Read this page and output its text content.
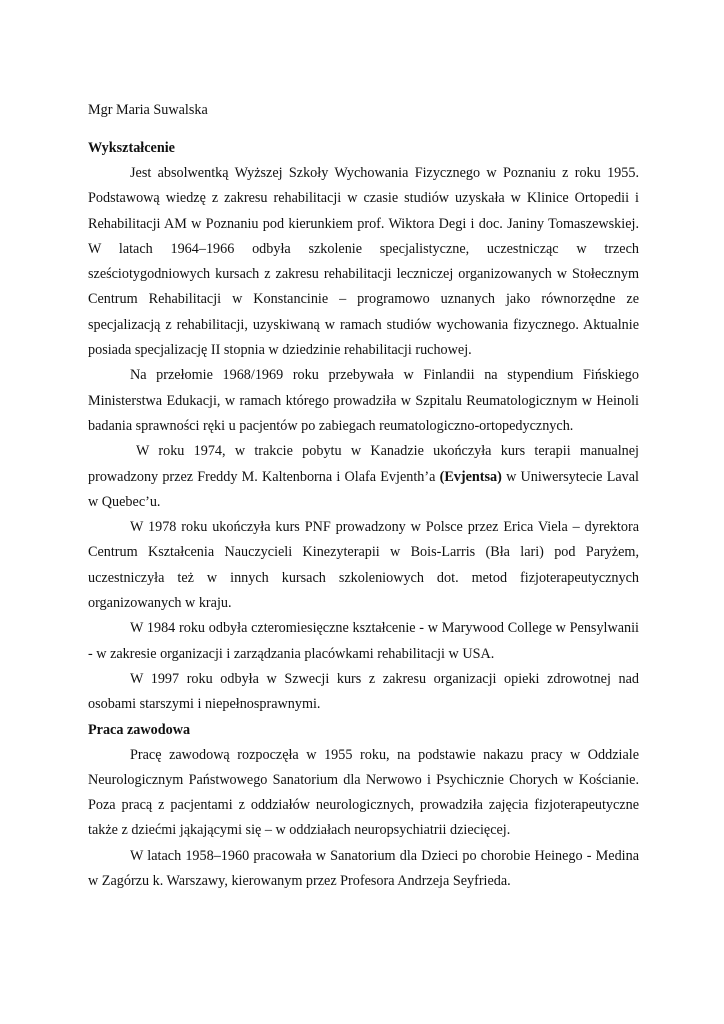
Mgr Maria Suwalska

Wykształcenie

Jest absolwentką Wyższej Szkoły Wychowania Fizycznego w Poznaniu z roku 1955. Podstawową wiedzę z zakresu rehabilitacji w czasie studiów uzyskała w Klinice Ortopedii i Rehabilitacji AM w Poznaniu pod kierunkiem prof. Wiktora Degi i doc. Janiny Tomaszewskiej. W latach 1964–1966 odbyła szkolenie specjalistyczne, uczestnicząc w trzech sześciotygodniowych kursach z zakresu rehabilitacji leczniczej organizowanych w Stołecznym Centrum Rehabilitacji w Konstancinie – programowo uznanych jako równorzędne ze specjalizacją z rehabilitacji, uzyskiwaną w ramach studiów wychowania fizycznego. Aktualnie posiada specjalizację II stopnia w dziedzinie rehabilitacji ruchowej.

Na przełomie 1968/1969 roku przebywała w Finlandii na stypendium Fińskiego Ministerstwa Edukacji, w ramach którego prowadziła w Szpitalu Reumatologicznym w Heinoli badania sprawności ręki u pacjentów po zabiegach reumatologiczno-ortopedycznych.

W roku 1974, w trakcie pobytu w Kanadzie ukończyła kurs terapii manualnej prowadzony przez Freddy M. Kaltenborna i Olafa Evjenth’a (Evjentsa) w Uniwersytecie Laval w Quebec’u.

W 1978 roku ukończyła kurs PNF prowadzony w Polsce przez Erica Viela – dyrektora Centrum Kształcenia Nauczycieli Kinezyterapii w Bois-Larris (Bła lari) pod Paryżem, uczestniczyła też w innych kursach szkoleniowych dot. metod fizjoterapeutycznych organizowanych w kraju.

W 1984 roku odbyła czteromiesięczne kształcenie - w Marywood College w Pensylwanii - w zakresie organizacji i zarządzania placówkami rehabilitacji w USA.

W 1997 roku odbyła w Szwecji kurs z zakresu organizacji opieki zdrowotnej nad osobami starszymi i niepełnosprawnymi.

Praca zawodowa

Pracę zawodową rozpoczęła w 1955 roku, na podstawie nakazu pracy w Oddziale Neurologicznym Państwowego Sanatorium dla Nerwowo i Psychicznie Chorych w Kościanie. Poza pracą z pacjentami z oddziałów neurologicznych, prowadziła zajęcia fizjoterapeutyczne także z dziećmi jąkającymi się – w oddziałach neuropsychiatrii dziecięcej.

W latach 1958–1960 pracowała w Sanatorium dla Dzieci po chorobie Heinego - Medina w Zagórzu k. Warszawy, kierowanym przez Profesora Andrzeja Seyfrieda.
